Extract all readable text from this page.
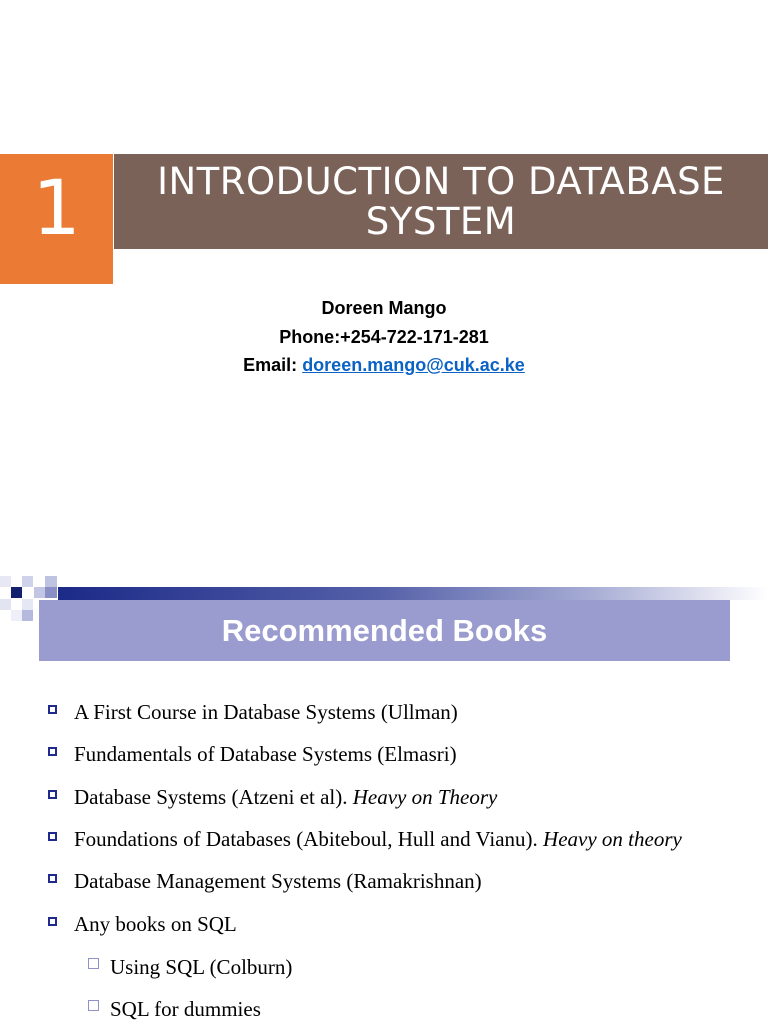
1	INTRODUCTION TO DATABASE
SYSTEM
Doreen Mango
Phone:+254-722-171-281
Email: doreen.mango@cuk.ac.ke
Recommended Books
A First Course in Database Systems (Ullman)
Fundamentals of Database Systems (Elmasri)
Database Systems (Atzeni et al). Heavy on Theory
Foundations of Databases (Abiteboul, Hull and Vianu). Heavy on theory
Database Management Systems (Ramakrishnan)
Any books on SQL
Using SQL (Colburn)
SQL for dummies
